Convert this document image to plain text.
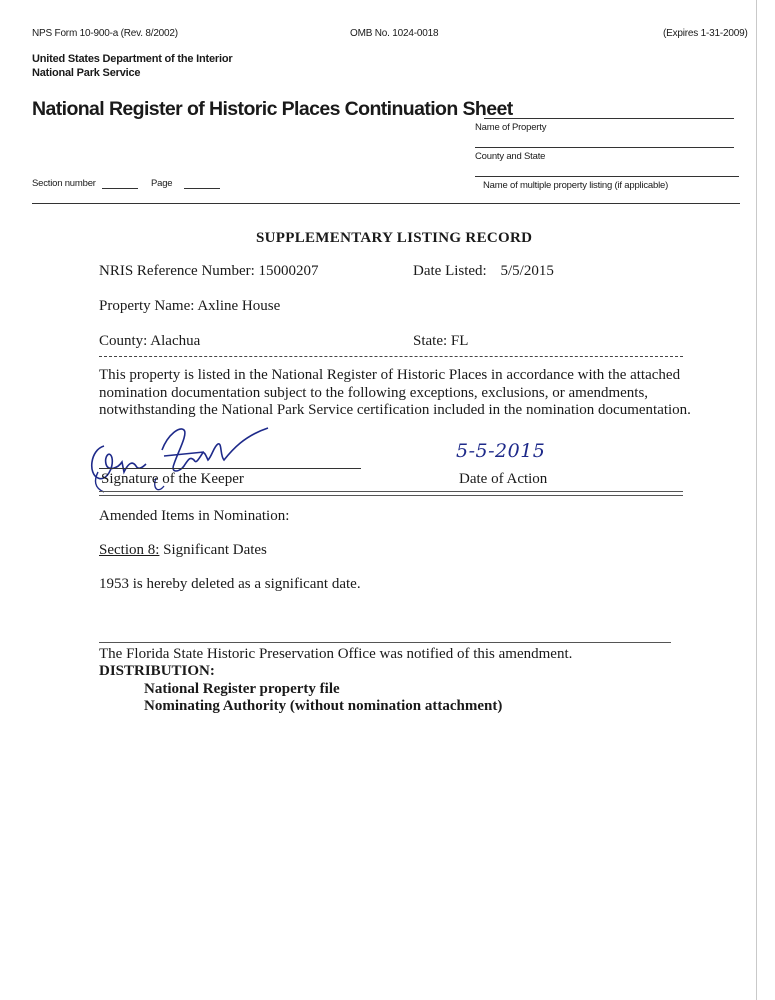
NPS Form 10-900-a (Rev. 8/2002)	OMB No. 1024-0018	(Expires 1-31-2009)
United States Department of the Interior
National Park Service
National Register of Historic Places Continuation Sheet
Name of Property
County and State
Name of multiple property listing (if applicable)
Section number	Page
SUPPLEMENTARY LISTING RECORD
NRIS Reference Number: 15000207	Date Listed: 5/5/2015
Property Name: Axline House
County: Alachua	State: FL
This property is listed in the National Register of Historic Places in accordance with the attached nomination documentation subject to the following exceptions, exclusions, or amendments, notwithstanding the National Park Service certification included in the nomination documentation.
Signature of the Keeper
5-5-2015
Date of Action
Amended Items in Nomination:
Section 8: Significant Dates
1953 is hereby deleted as a significant date.
The Florida State Historic Preservation Office was notified of this amendment.
DISTRIBUTION:
National Register property file
Nominating Authority (without nomination attachment)
